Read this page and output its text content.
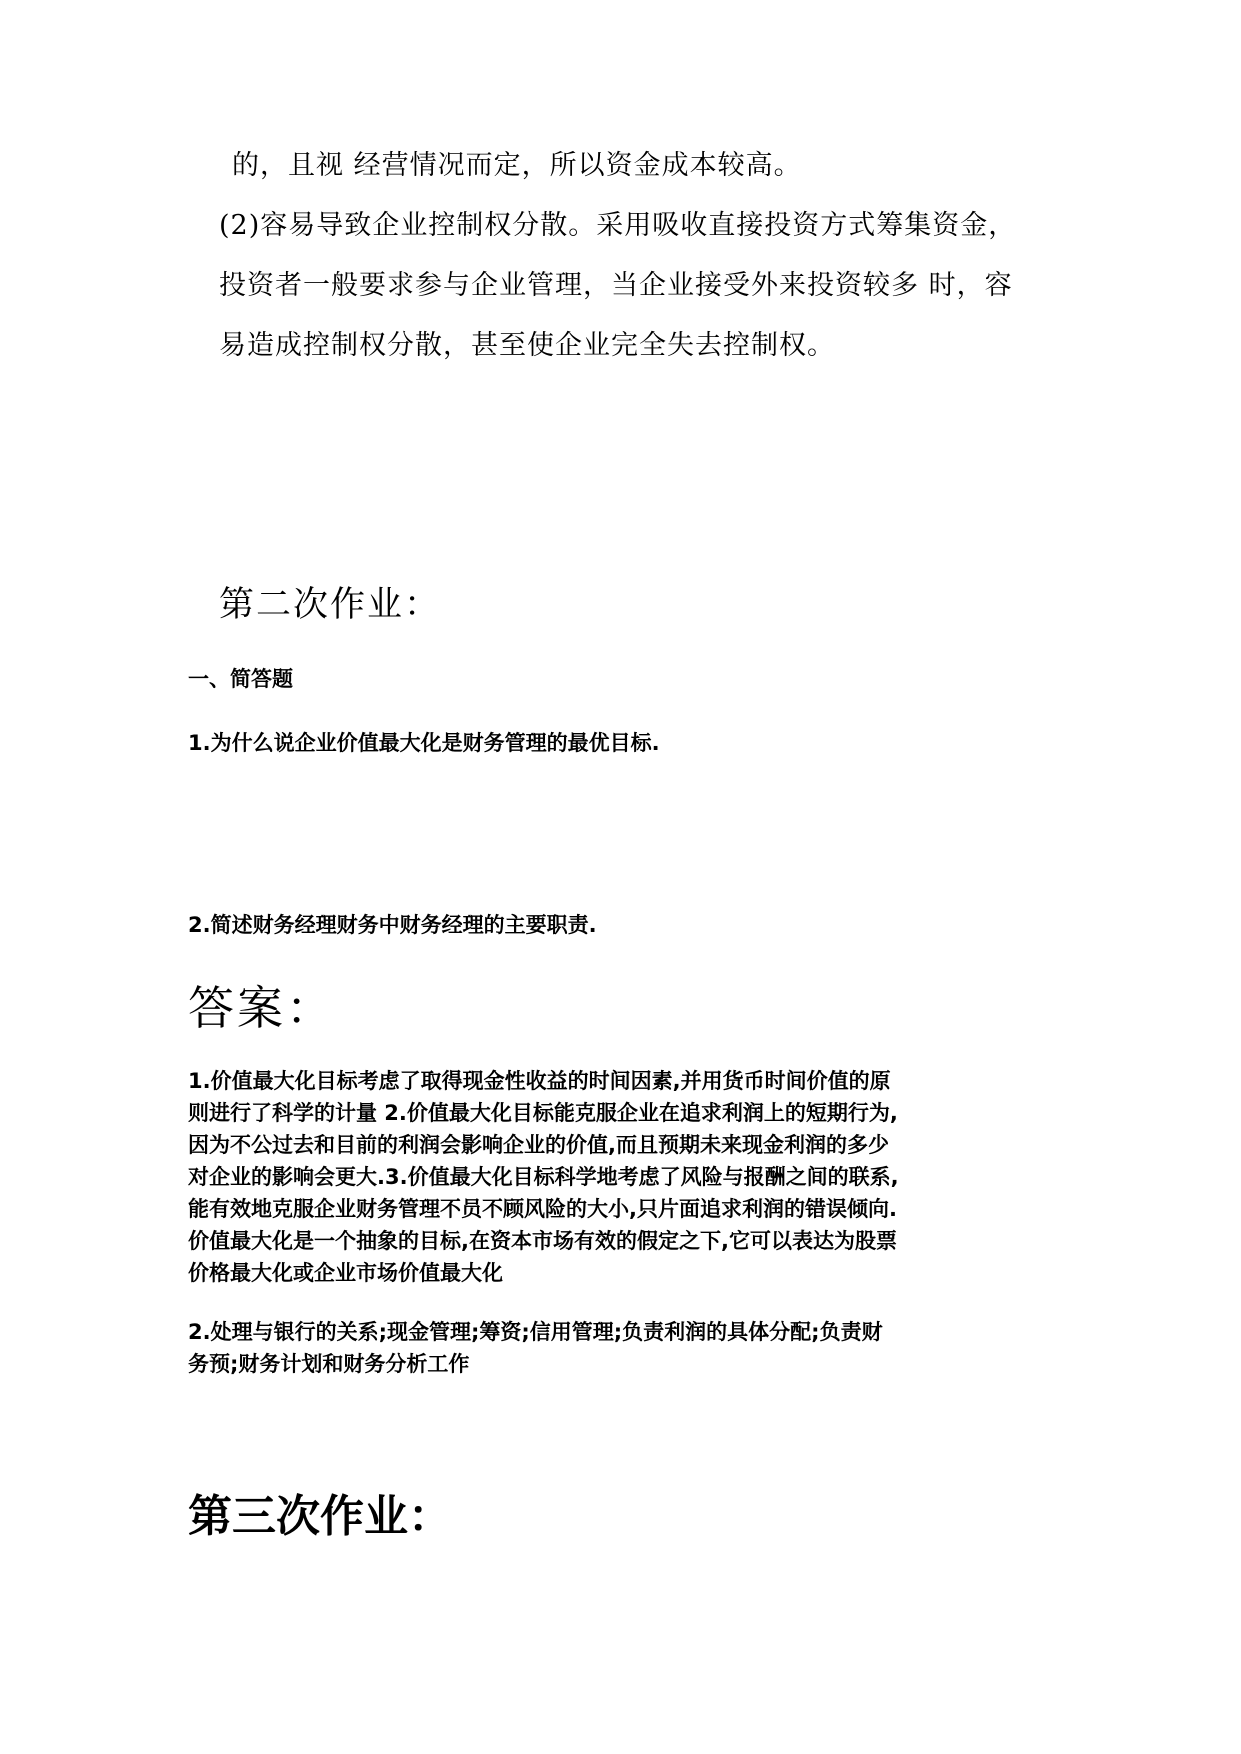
的，且视 经营情况而定，所以资金成本较高。
(2)容易导致企业控制权分散。采用吸收直接投资方式筹集资金，
投资者一般要求参与企业管理，当企业接受外来投资较多 时，容
易造成控制权分散，甚至使企业完全失去控制权。
第二次作业：
一、简答题
1.为什么说企业价值最大化是财务管理的最优目标.
2.简述财务经理财务中财务经理的主要职责.
答案：
1.价值最大化目标考虑了取得现金性收益的时间因素,并用货币时间价值的原
则进行了科学的计量 2.价值最大化目标能克服企业在追求利润上的短期行为,
因为不公过去和目前的利润会影响企业的价值,而且预期未来现金利润的多少
对企业的影响会更大.3.价值最大化目标科学地考虑了风险与报酬之间的联系,
能有效地克服企业财务管理不员不顾风险的大小,只片面追求利润的错误倾向.
价值最大化是一个抽象的目标,在资本市场有效的假定之下,它可以表达为股票
价格最大化或企业市场价值最大化
2.处理与银行的关系;现金管理;筹资;信用管理;负责利润的具体分配;负责财
务预;财务计划和财务分析工作
第三次作业：
